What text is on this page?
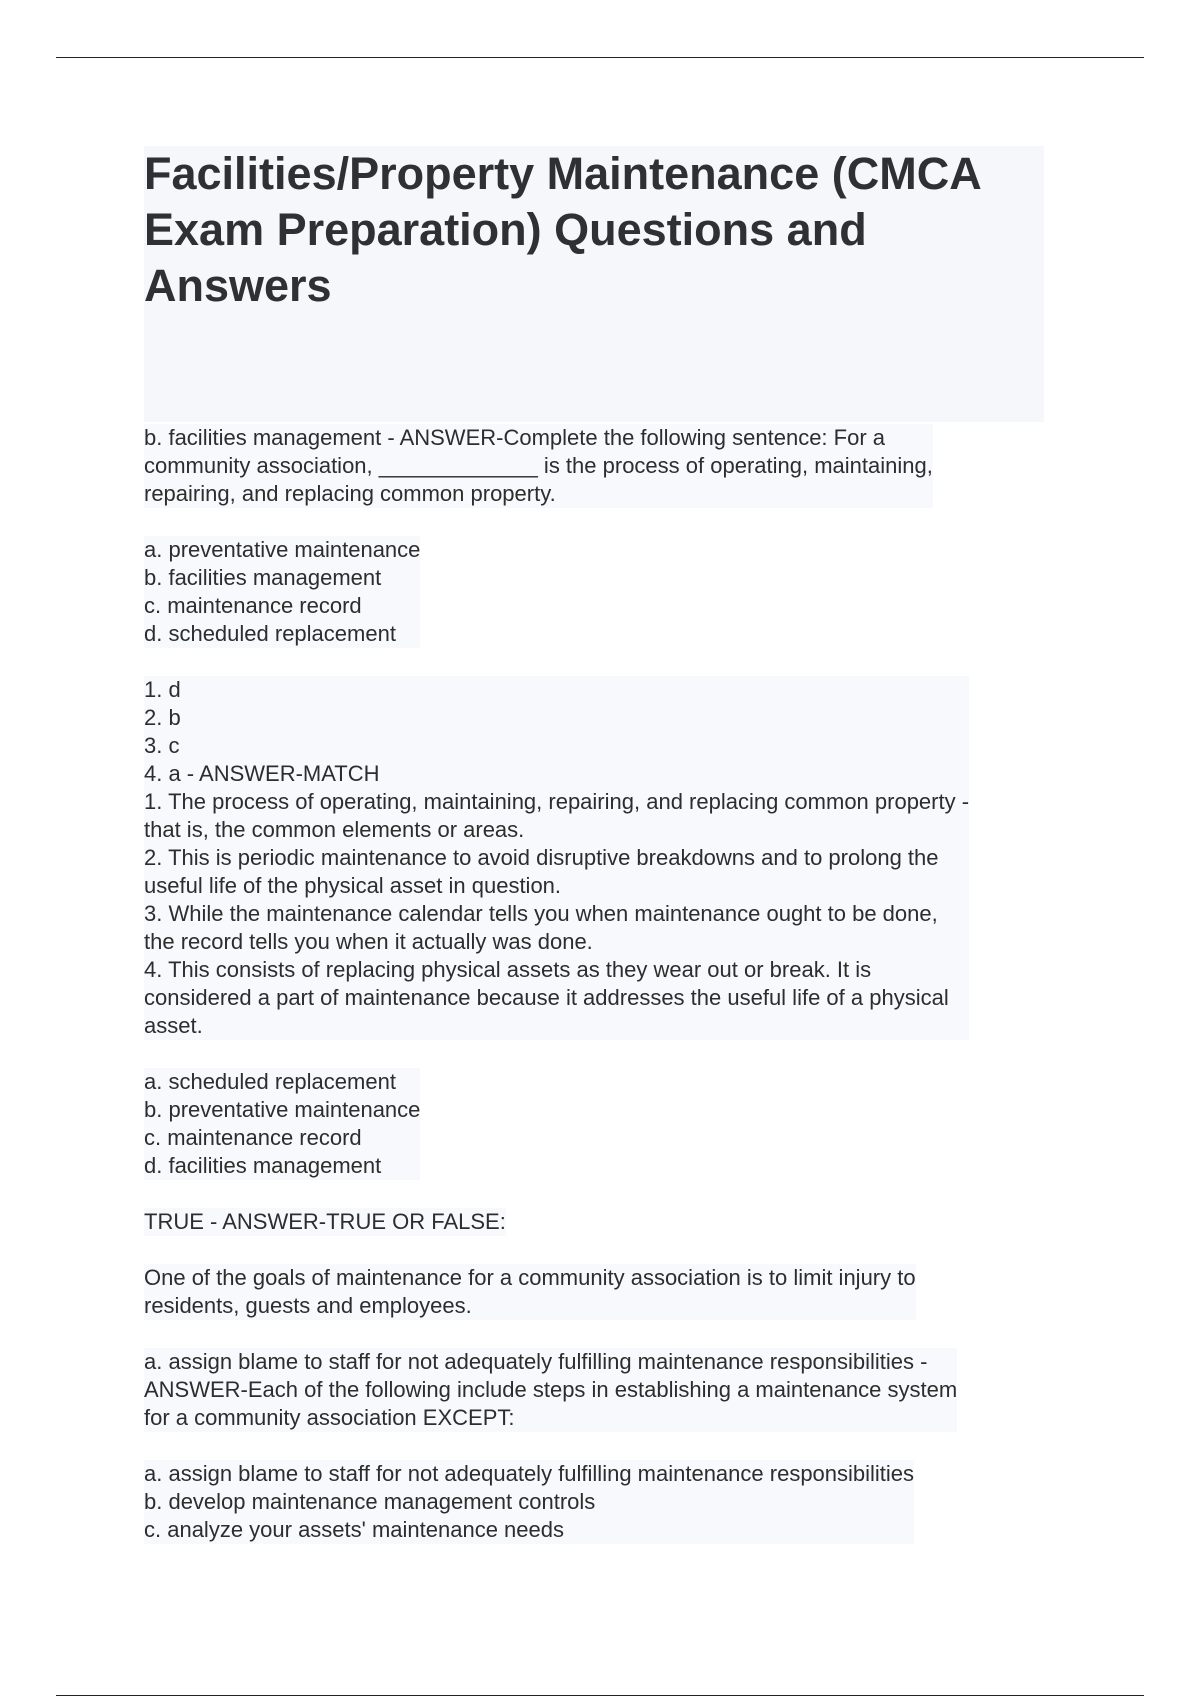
Facilities/Property Maintenance (CMCA
Exam Preparation) Questions and
Answers
b. facilities management - ANSWER-Complete the following sentence: For a
community association, _____________ is the process of operating, maintaining,
repairing, and replacing common property.
a. preventative maintenance
b. facilities management
c. maintenance record
d. scheduled replacement
1. d
2. b
3. c
4. a - ANSWER-MATCH
1. The process of operating, maintaining, repairing, and replacing common property -
that is, the common elements or areas.
2. This is periodic maintenance to avoid disruptive breakdowns and to prolong the
useful life of the physical asset in question.
3. While the maintenance calendar tells you when maintenance ought to be done,
the record tells you when it actually was done.
4. This consists of replacing physical assets as they wear out or break. It is
considered a part of maintenance because it addresses the useful life of a physical
asset.
a. scheduled replacement
b. preventative maintenance
c. maintenance record
d. facilities management
TRUE - ANSWER-TRUE OR FALSE:
One of the goals of maintenance for a community association is to limit injury to
residents, guests and employees.
a. assign blame to staff for not adequately fulfilling maintenance responsibilities -
ANSWER-Each of the following include steps in establishing a maintenance system
for a community association EXCEPT:
a. assign blame to staff for not adequately fulfilling maintenance responsibilities
b. develop maintenance management controls
c. analyze your assets' maintenance needs
